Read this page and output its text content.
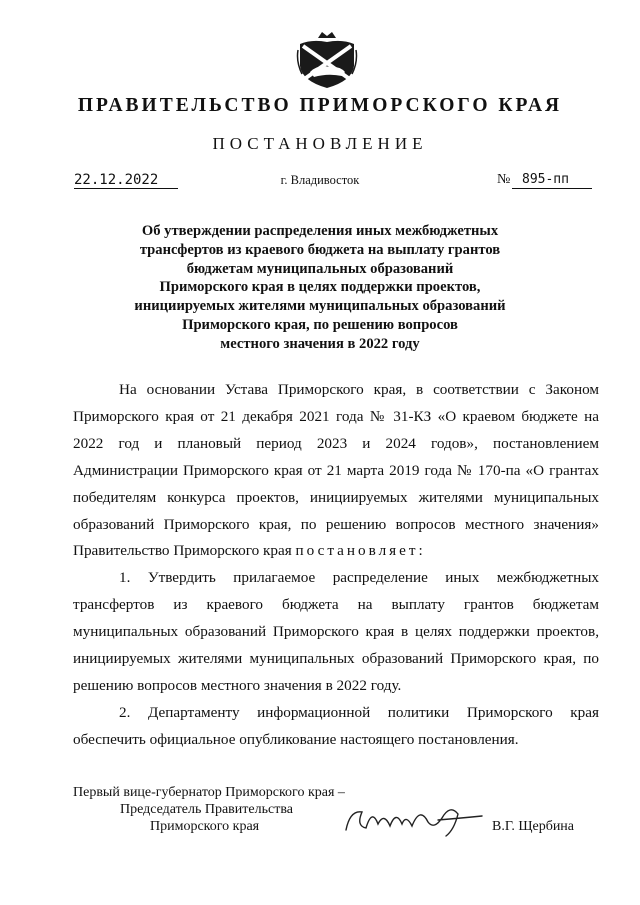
ПРАВИТЕЛЬСТВО ПРИМОРСКОГО КРАЯ
ПОСТАНОВЛЕНИЕ
22.12.2022	г. Владивосток	№ 895-пп
Об утверждении распределения иных межбюджетных
трансфертов из краевого бюджета на выплату грантов
бюджетам муниципальных образований
Приморского края в целях поддержки проектов,
инициируемых жителями муниципальных образований
Приморского края, по решению вопросов
местного значения в 2022 году

На основании Устава Приморского края, в соответствии с Законом Приморского края от 21 декабря 2021 года № 31-КЗ «О краевом бюджете на 2022 год и плановый период 2023 и 2024 годов», постановлением Администрации Приморского края от 21 марта 2019 года № 170-па «О грантах победителям конкурса проектов, инициируемых жителями муниципальных образований Приморского края, по решению вопросов местного значения» Правительство Приморского края постановляет:

1. Утвердить прилагаемое распределение иных межбюджетных трансфертов из краевого бюджета на выплату грантов бюджетам муниципальных образований Приморского края в целях поддержки проектов, инициируемых жителями муниципальных образований Приморского края, по решению вопросов местного значения в 2022 году.

2. Департаменту информационной политики Приморского края обеспечить официальное опубликование настоящего постановления.

Первый вице-губернатор Приморского края –
Председатель Правительства
Приморского края	В.Г. Щербина
